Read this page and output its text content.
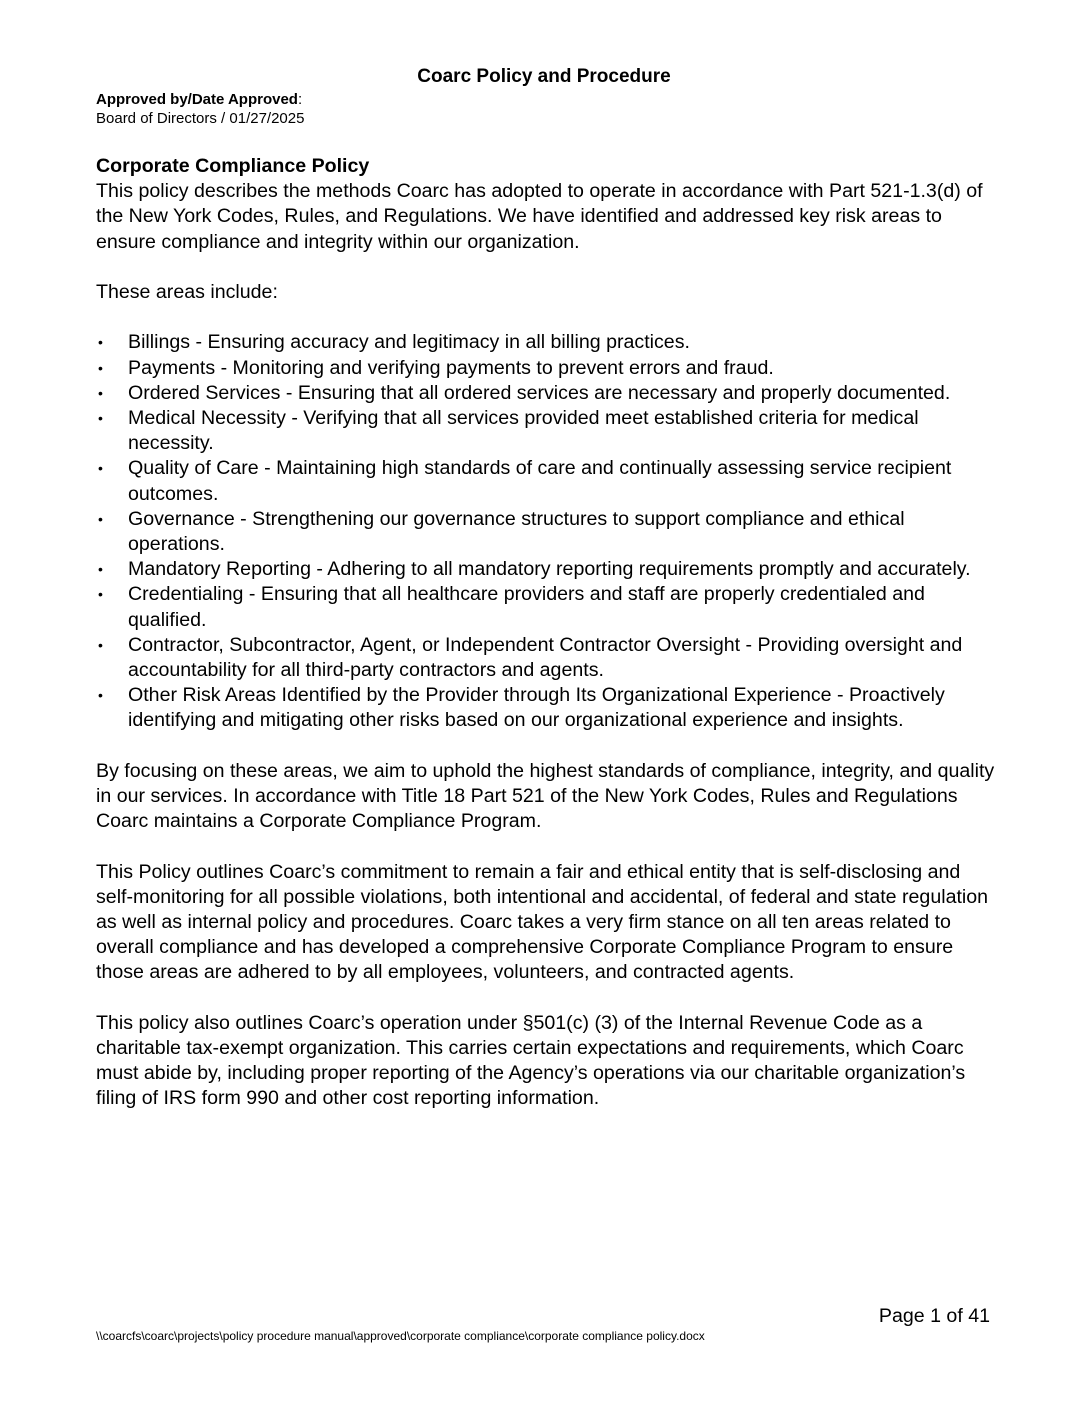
Coarc Policy and Procedure
Approved by/Date Approved:
Board of Directors / 01/27/2025
Corporate Compliance Policy

This policy describes the methods Coarc has adopted to operate in accordance with Part 521-1.3(d) of the New York Codes, Rules, and Regulations. We have identified and addressed key risk areas to ensure compliance and integrity within our organization.

These areas include:

• Billings - Ensuring accuracy and legitimacy in all billing practices.
• Payments - Monitoring and verifying payments to prevent errors and fraud.
• Ordered Services - Ensuring that all ordered services are necessary and properly documented.
• Medical Necessity - Verifying that all services provided meet established criteria for medical necessity.
• Quality of Care - Maintaining high standards of care and continually assessing service recipient outcomes.
• Governance - Strengthening our governance structures to support compliance and ethical operations.
• Mandatory Reporting - Adhering to all mandatory reporting requirements promptly and accurately.
• Credentialing - Ensuring that all healthcare providers and staff are properly credentialed and qualified.
• Contractor, Subcontractor, Agent, or Independent Contractor Oversight - Providing oversight and accountability for all third-party contractors and agents.
• Other Risk Areas Identified by the Provider through Its Organizational Experience - Proactively identifying and mitigating other risks based on our organizational experience and insights.

By focusing on these areas, we aim to uphold the highest standards of compliance, integrity, and quality in our services. In accordance with Title 18 Part 521 of the New York Codes, Rules and Regulations Coarc maintains a Corporate Compliance Program.

This Policy outlines Coarc’s commitment to remain a fair and ethical entity that is self-disclosing and self-monitoring for all possible violations, both intentional and accidental, of federal and state regulation as well as internal policy and procedures. Coarc takes a very firm stance on all ten areas related to overall compliance and has developed a comprehensive Corporate Compliance Program to ensure those areas are adhered to by all employees, volunteers, and contracted agents.

This policy also outlines Coarc’s operation under §501(c) (3) of the Internal Revenue Code as a charitable tax-exempt organization. This carries certain expectations and requirements, which Coarc must abide by, including proper reporting of the Agency’s operations via our charitable organization’s filing of IRS form 990 and other cost reporting information.

Page 1 of 41
\\coarcfs\coarc\projects\policy procedure manual\approved\corporate compliance\corporate compliance policy.docx
